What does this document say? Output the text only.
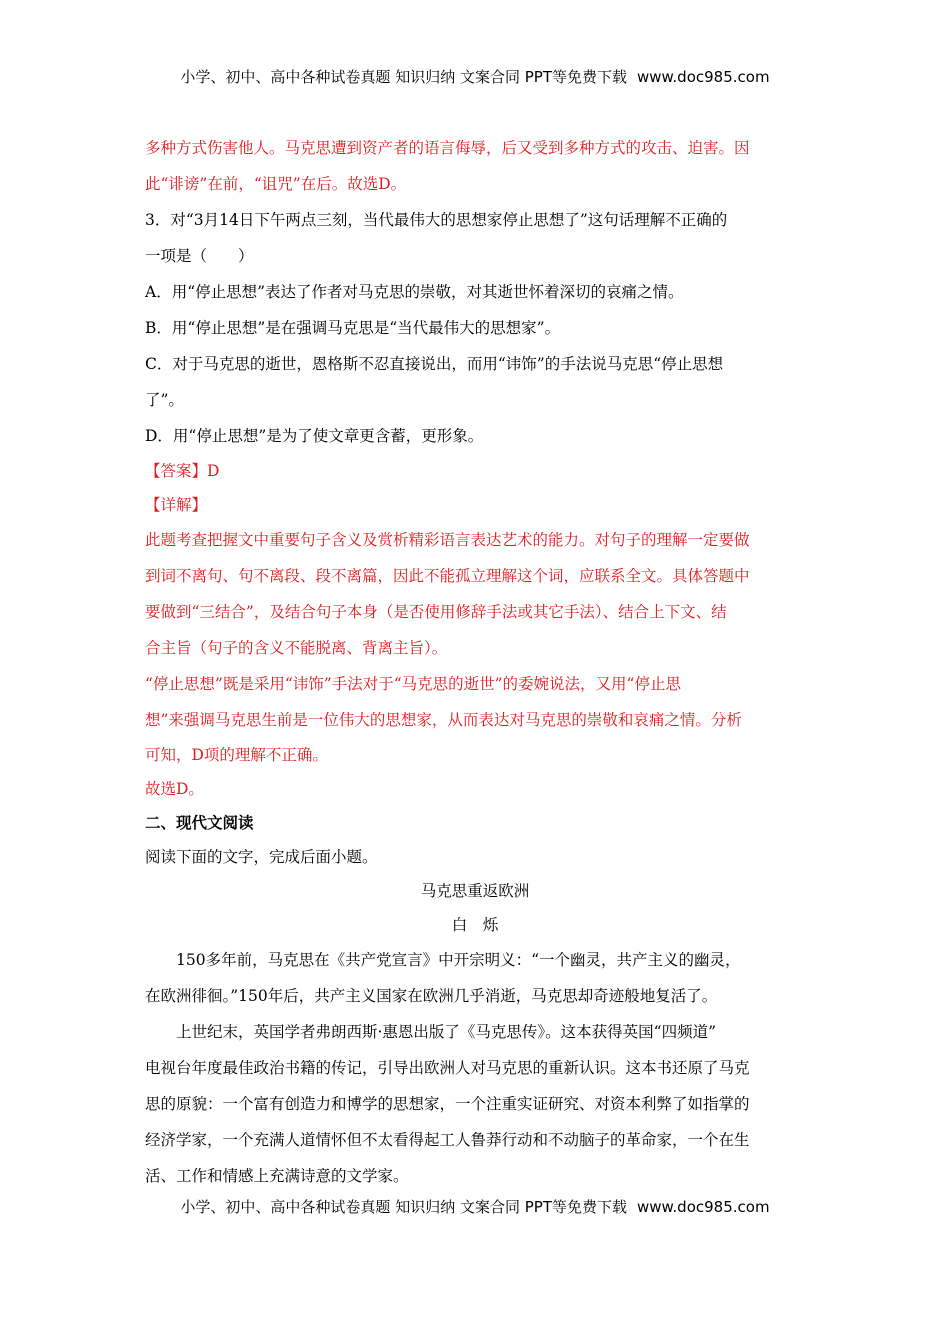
小学、初中、高中各种试卷真题 知识归纳 文案合同 PPT等免费下载 www.doc985.com
多种方式伤害他人。马克思遭到资产者的语言侮辱，后又受到多种方式的攻击、迫害。因
此“诽谤”在前，“诅咒”在后。故选D。
3．对“3月14日下午两点三刻，当代最伟大的思想家停止思想了”这句话理解不正确的
一项是（　　）
A．用“停止思想”表达了作者对马克思的崇敬，对其逝世怀着深切的哀痛之情。
B．用“停止思想”是在强调马克思是“当代最伟大的思想家”。
C．对于马克思的逝世，恩格斯不忍直接说出，而用“讳饰”的手法说马克思“停止思想
了”。
D．用“停止思想”是为了使文章更含蓄，更形象。
【答案】D
【详解】
此题考查把握文中重要句子含义及赏析精彩语言表达艺术的能力。对句子的理解一定要做
到词不离句、句不离段、段不离篇，因此不能孤立理解这个词，应联系全文。具体答题中
要做到“三结合”，及结合句子本身（是否使用修辞手法或其它手法）、结合上下文、结
合主旨（句子的含义不能脱离、背离主旨）。
“停止思想”既是采用“讳饰”手法对于“马克思的逝世”的委婉说法，又用“停止思
想”来强调马克思生前是一位伟大的思想家，从而表达对马克思的崇敬和哀痛之情。分析
可知，D项的理解不正确。
故选D。
二、现代文阅读
阅读下面的文字，完成后面小题。
马克思重返欧洲
白　烁
150多年前，马克思在《共产党宣言》中开宗明义：“一个幽灵，共产主义的幽灵，
在欧洲徘徊。”150年后，共产主义国家在欧洲几乎消逝，马克思却奇迹般地复活了。
上世纪末，英国学者弗朗西斯·惠恩出版了《马克思传》。这本获得英国“四频道”
电视台年度最佳政治书籍的传记，引导出欧洲人对马克思的重新认识。这本书还原了马克
思的原貌：一个富有创造力和博学的思想家，一个注重实证研究、对资本利弊了如指掌的
经济学家，一个充满人道情怀但不太看得起工人鲁莽行动和不动脑子的革命家，一个在生
活、工作和情感上充满诗意的文学家。
小学、初中、高中各种试卷真题 知识归纳 文案合同 PPT等免费下载 www.doc985.com
